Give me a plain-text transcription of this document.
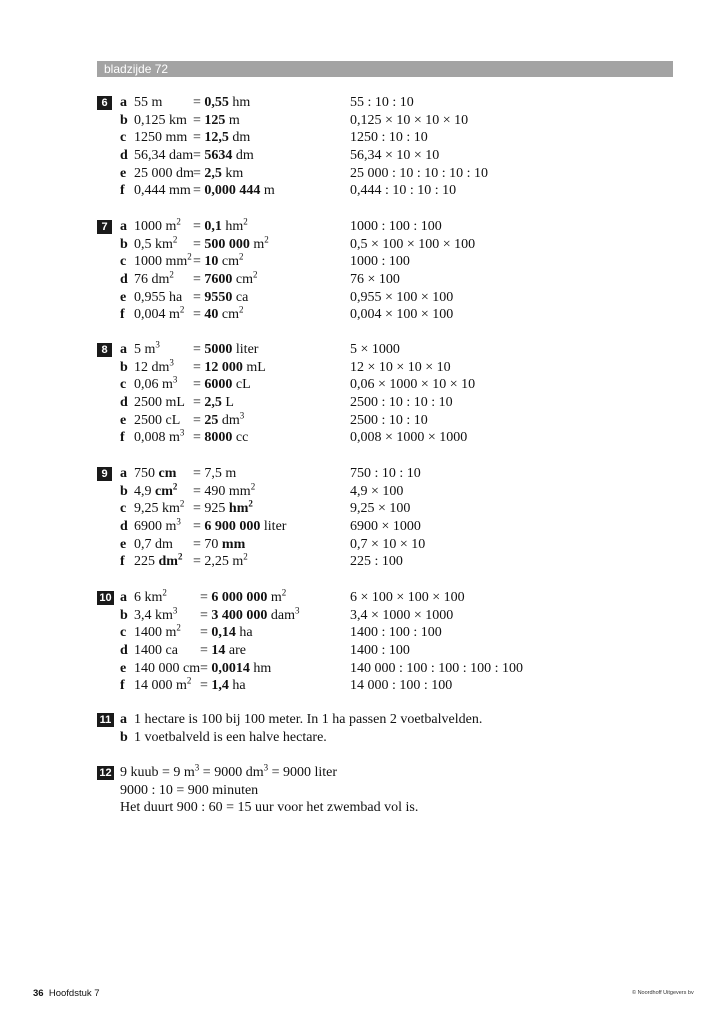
bladzijde 72
6 a 55 m = 0,55 hm	55 : 10 : 10
b 0,125 km = 125 m	0,125 × 10 × 10 × 10
c 1250 mm = 12,5 dm	1250 : 10 : 10
d 56,34 dam = 5634 dm	56,34 × 10 × 10
e 25 000 dm = 2,5 km	25 000 : 10 : 10 : 10 : 10
f 0,444 mm = 0,000 444 m	0,444 : 10 : 10 : 10
7 a 1000 $m^2 = 0,1$ $hm^2$	1000 : 100 : 100
b 0,5 $km^2 = 500$ 000 $m^2$	0,5 × 100 × 100 × 100
c 1000 $mm^2 = 10$ $cm^2$	1000 : 100
d 76 $dm^2 = 7600$ $cm^2$	76 × 100
e 0,955 ha = 9550 ca	0,955 × 100 × 100
f 0,004 $m^2 = 40$ $cm^2$	0,004 × 100 × 100
8 a 5 $m^3 = 5000$ liter	5 × 1000
b 12 $dm^3 = 12$ 000 mL	12 × 10 × 10 × 10
c 0,06 $m^3 = 6000$ cL	0,06 × 1000 × 10 × 10
d 2500 mL = 2,5 L	2500 : 10 : 10 : 10
e 2500 cL = 25 $dm^3$	2500 : 10 : 10
f 0,008 $m^3 = 8000$ cc	0,008 × 1000 × 1000
9 a 750 cm = 7,5 m	750 : 10 : 10
b 4,9 $cm^2 = 490$ $mm^2$	4,9 × 100
c 9,25 $km^2 = 925$ $hm^2$	9,25 × 100
d 6900 $m^3 = 6$ 900 000 liter	6900 × 1000
e 0,7 dm = 70 mm	0,7 × 10 × 10
f 225 $dm^2 = 2,25$ $m^2$	225 : 100
10 a 6 $km^2 = 6$ 000 000 $m^2$	6 × 100 × 100 × 100
b 3,4 $km^3 = 3$ 400 000 dam$^3$	3,4 × 1000 × 1000
c 1400 $m^2 = 0,14$ ha	1400 : 100 : 100
d 1400 ca = 14 are	1400 : 100
e 140 000 cm = 0,0014 hm	140 000 : 100 : 100 : 100 : 100
f 14 000 $m^2 = 1,4$ ha	14 000 : 100 : 100
11 a 1 hectare is 100 bij 100 meter. In 1 ha passen 2 voetbalvelden.
b 1 voetbalveld is een halve hectare.
12 9 kuub = 9 $m^3 = 9000$ $dm^3 = 9000$ liter
9000 : 10 = 900 minuten
Het duurt 900 : 60 = 15 uur voor het zwembad vol is.
36 Hoofdstuk 7	© Noordhoff Uitgevers bv
